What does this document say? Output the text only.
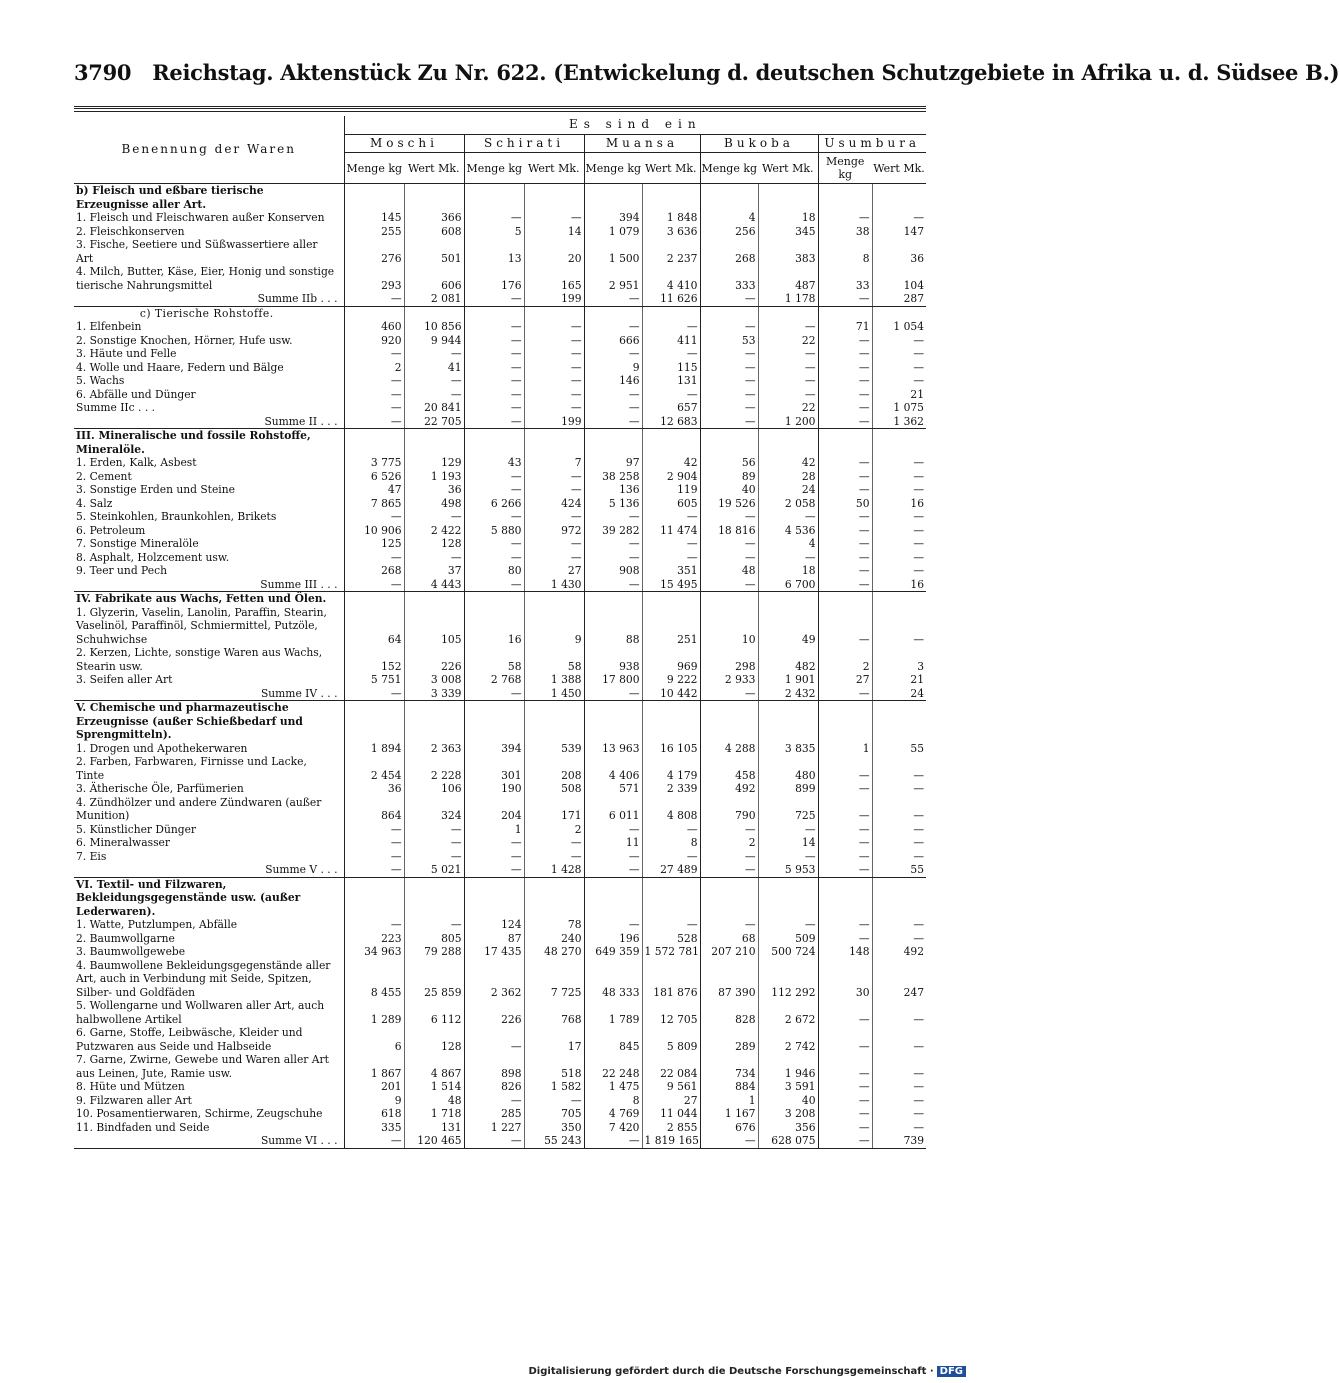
3790 Reichstag. Aktenstück Zu Nr. 622. (Entwickelung d. deutschen Schutzgebiete in Afrika u. d. Südsee B.)
Benennung der Waren	Es sind ein									
	Moschi		Schirati		Muansa		Bukoba		Usumbura	
	Menge kg	Wert Mk.	Menge kg	Wert Mk.	Menge kg	Wert Mk.	Menge kg	Wert Mk.	Menge kg	Wert Mk.
b) Fleisch und eßbare tierische Erzeugnisse aller Art.										
1. Fleisch und Fleischwaren außer Konserven	145	366	—	—	394	1 848	4	18	—	—
2. Fleischkonserven	255	608	5	14	1 079	3 636	256	345	38	147
3. Fische, Seetiere und Süßwassertiere aller Art	276	501	13	20	1 500	2 237	268	383	8	36
4. Milch, Butter, Käse, Eier, Honig und sonstige tierische Nahrungsmittel	293	606	176	165	2 951	4 410	333	487	33	104
Summe IIb . . .	—	2 081	—	199	—	11 626	—	1 178	—	287
c) Tierische Rohstoffe.										
1. Elfenbein	460	10 856	—	—	—	—	—	—	71	1 054
2. Sonstige Knochen, Hörner, Hufe usw.	920	9 944	—	—	666	411	53	22	—	—
3. Häute und Felle	—	—	—	—	—	—	—	—	—	—
4. Wolle und Haare, Federn und Bälge	2	41	—	—	9	115	—	—	—	—
5. Wachs	—	—	—	—	146	131	—	—	—	—
6. Abfälle und Dünger	—	—	—	—	—	—	—	—	—	21
Summe IIc . . .	—	20 841	—	—	—	657	—	22	—	1 075
Summe II . . .	—	22 705	—	199	—	12 683	—	1 200	—	1 362
III. Mineralische und fossile Rohstoffe, Mineralöle.										
1. Erden, Kalk, Asbest	3 775	129	43	7	97	42	56	42	—	—
2. Cement	6 526	1 193	—	—	38 258	2 904	89	28	—	—
3. Sonstige Erden und Steine	47	36	—	—	136	119	40	24	—	—
4. Salz	7 865	498	6 266	424	5 136	605	19 526	2 058	50	16
5. Steinkohlen, Braunkohlen, Brikets	—	—	—	—	—	—	—	—	—	—
6. Petroleum	10 906	2 422	5 880	972	39 282	11 474	18 816	4 536	—	—
7. Sonstige Mineralöle	125	128	—	—	—	—	—	4	—	—
8. Asphalt, Holzcement usw.	—	—	—	—	—	—	—	—	—	—
9. Teer und Pech	268	37	80	27	908	351	48	18	—	—
Summe III . . .	—	4 443	—	1 430	—	15 495	—	6 700	—	16
IV. Fabrikate aus Wachs, Fetten und Ölen.										
1. Glyzerin, Vaselin, Lanolin, Paraffin, Stearin, Vaselinöl, Paraffinöl, Schmiermittel, Putzöle, Schuhwichse	64	105	16	9	88	251	10	49	—	—
2. Kerzen, Lichte, sonstige Waren aus Wachs, Stearin usw.	152	226	58	58	938	969	298	482	2	3
3. Seifen aller Art	5 751	3 008	2 768	1 388	17 800	9 222	2 933	1 901	27	21
Summe IV . . .	—	3 339	—	1 450	—	10 442	—	2 432	—	24
V. Chemische und pharmazeutische Erzeugnisse (außer Schießbedarf und Sprengmitteln).										
1. Drogen und Apothekerwaren	1 894	2 363	394	539	13 963	16 105	4 288	3 835	1	55
2. Farben, Farbwaren, Firnisse und Lacke, Tinte	2 454	2 228	301	208	4 406	4 179	458	480	—	—
3. Ätherische Öle, Parfümerien	36	106	190	508	571	2 339	492	899	—	—
4. Zündhölzer und andere Zündwaren (außer Munition)	864	324	204	171	6 011	4 808	790	725	—	—
5. Künstlicher Dünger	—	—	1	2	—	—	—	—	—	—
6. Mineralwasser	—	—	—	—	11	8	2	14	—	—
7. Eis	—	—	—	—	—	—	—	—	—	—
Summe V . . .	—	5 021	—	1 428	—	27 489	—	5 953	—	55
VI. Textil- und Filzwaren, Bekleidungsgegenstände usw. (außer Lederwaren).										
1. Watte, Putzlumpen, Abfälle	—	—	124	78	—	—	—	—	—	—
2. Baumwollgarne	223	805	87	240	196	528	68	509	—	—
3. Baumwollgewebe	34 963	79 288	17 435	48 270	649 359	1 572 781	207 210	500 724	148	492
4. Baumwollene Bekleidungsgegenstände aller Art, auch in Verbindung mit Seide, Spitzen, Silber- und Goldfäden	8 455	25 859	2 362	7 725	48 333	181 876	87 390	112 292	30	247
5. Wollengarne und Wollwaren aller Art, auch halbwollene Artikel	1 289	6 112	226	768	1 789	12 705	828	2 672	—	—
6. Garne, Stoffe, Leibwäsche, Kleider und Putzwaren aus Seide und Halbseide	6	128	—	17	845	5 809	289	2 742	—	—
7. Garne, Zwirne, Gewebe und Waren aller Art aus Leinen, Jute, Ramie usw.	1 867	4 867	898	518	22 248	22 084	734	1 946	—	—
8. Hüte und Mützen	201	1 514	826	1 582	1 475	9 561	884	3 591	—	—
9. Filzwaren aller Art	9	48	—	—	8	27	1	40	—	—
10. Posamentierwaren, Schirme, Zeugschuhe	618	1 718	285	705	4 769	11 044	1 167	3 208	—	—
11. Bindfaden und Seide	335	131	1 227	350	7 420	2 855	676	356	—	—
Summe VI . . .	—	120 465	—	55 243	—	1 819 165	—	628 075	—	739
Digitalisierung gefördert durch die Deutsche Forschungsgemeinschaft · DFG
